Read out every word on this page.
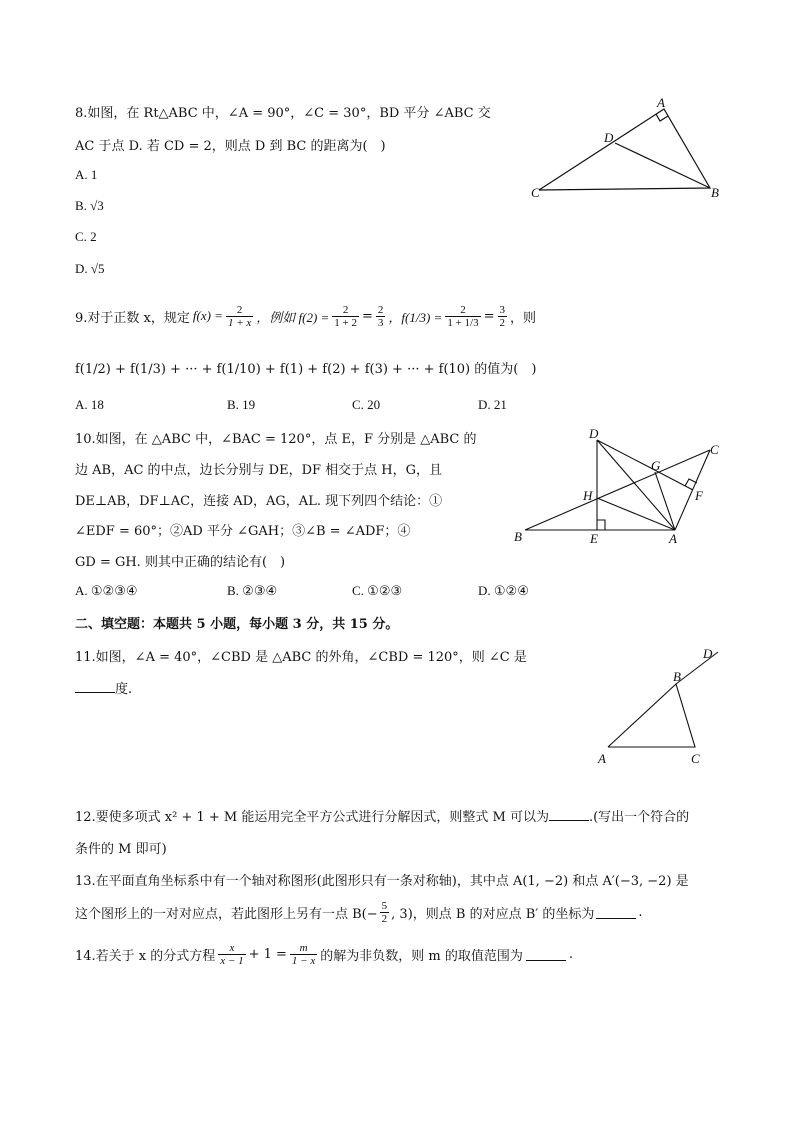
8.如图，在 Rt△ABC 中，∠A = 90°，∠C = 30°，BD 平分 ∠ABC 交
AC 于点 D. 若 CD = 2，则点 D 到 BC 的距离为(　)
A. 1
B. √3
C. 2
D. √5
A
D
C	B
9.对于正数 x，规定 $f(x) = \frac{2}{1 + x}$ ，例如 $f(2) = \frac{2}{1 + 2} = \frac{2}{3}$ ，$f(1/3) = \frac{2}{1 + 1/3} = \frac{3}{2}$ ，则
f(1/2) + f(1/3) + ··· + f(1/10) + f(1) + f(2) + f(3) + ··· + f(10) 的值为(　)
A. 18	B. 19	C. 20	D. 21
10.如图，在 △ABC 中，∠BAC = 120°，点 E，F 分别是 △ABC 的
边 AB，AC 的中点，边长分别与 DE，DF 相交于点 H，G，且
DE⊥AB，DF⊥AC，连接 AD，AG，AL. 现下列四个结论：①
∠EDF = 60°；②AD 平分 ∠GAH；③∠B = ∠ADF；④
GD = GH. 则其中正确的结论有(　)
A. ①②③④	B. ②③④	C. ①②③	D. ①②④
D
C
G
H	F
B	E	A
二、填空题：本题共 5 小题，每小题 3 分，共 15 分。
11.如图，∠A = 40°，∠CBD 是 △ABC 的外角，∠CBD = 120°，则 ∠C 是
度.
D
B
A	C
12.要使多项式 x² + 1 + M 能运用完全平方公式进行分解因式，则整式 M 可以为	.(写出一个符合的
条件的 M 即可)
13.在平面直角坐标系中有一个轴对称图形(此图形只有一条对称轴)，其中点 A(1, −2) 和点 A′(−3, −2) 是
这个图形上的一对对应点，若此图形上另有一点 $B(- \frac{5}{2}$ , 3)，则点 B 的对应点 B′ 的坐标为	.
14.若关于 x 的分式方程 $\frac{x}{x - 1} + 1 = \frac{m}{1 - x}$ 的解为非负数，则 m 的取值范围为	.
